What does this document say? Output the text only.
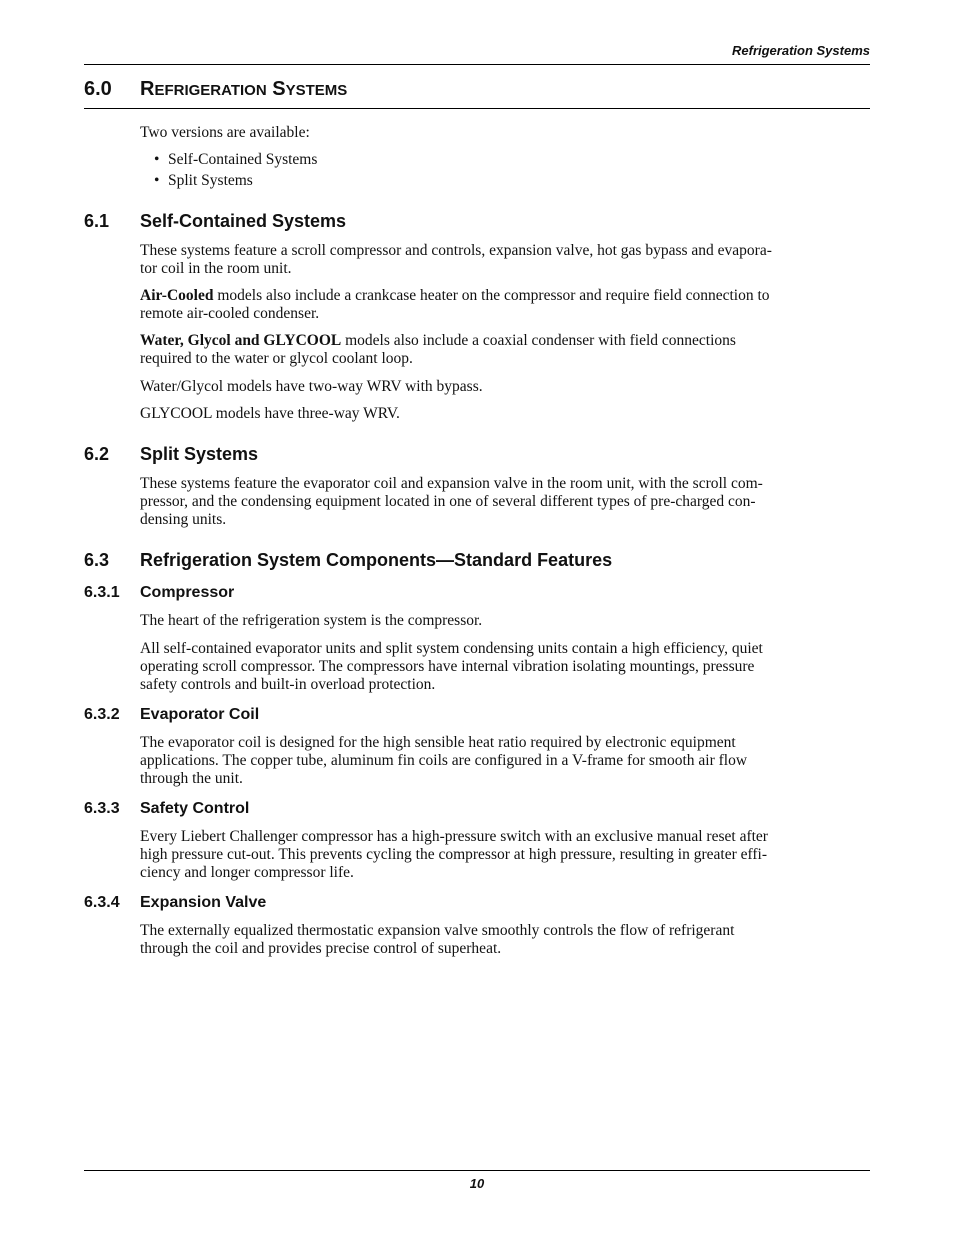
Refrigeration Systems
6.0 REFRIGERATION SYSTEMS
Two versions are available:
• Self-Contained Systems
• Split Systems
6.1 Self-Contained Systems
These systems feature a scroll compressor and controls, expansion valve, hot gas bypass and evapora-
tor coil in the room unit.
Air-Cooled models also include a crankcase heater on the compressor and require field connection to
remote air-cooled condenser.
Water, Glycol and GLYCOOL models also include a coaxial condenser with field connections
required to the water or glycol coolant loop.
Water/Glycol models have two-way WRV with bypass.
GLYCOOL models have three-way WRV.
6.2 Split Systems
These systems feature the evaporator coil and expansion valve in the room unit, with the scroll com-
pressor, and the condensing equipment located in one of several different types of pre-charged con-
densing units.
6.3 Refrigeration System Components—Standard Features
6.3.1 Compressor
The heart of the refrigeration system is the compressor.
All self-contained evaporator units and split system condensing units contain a high efficiency, quiet
operating scroll compressor. The compressors have internal vibration isolating mountings, pressure
safety controls and built-in overload protection.
6.3.2 Evaporator Coil
The evaporator coil is designed for the high sensible heat ratio required by electronic equipment
applications. The copper tube, aluminum fin coils are configured in a V-frame for smooth air flow
through the unit.
6.3.3 Safety Control
Every Liebert Challenger compressor has a high-pressure switch with an exclusive manual reset after
high pressure cut-out. This prevents cycling the compressor at high pressure, resulting in greater effi-
ciency and longer compressor life.
6.3.4 Expansion Valve
The externally equalized thermostatic expansion valve smoothly controls the flow of refrigerant
through the coil and provides precise control of superheat.
10
